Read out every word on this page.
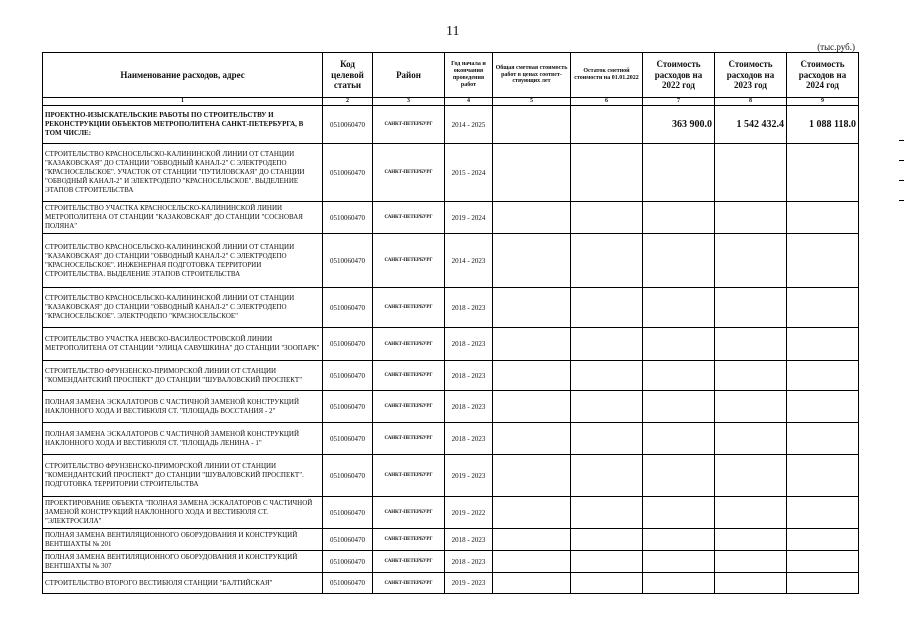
11
(тыс.руб.)
Наименование расходов, адрес	Код целевой статьи	Район	Год начала и окончания проведения работ	Общая сметная стоимость работ в ценах соответ-ствующих лет	Остаток сметной стоимости на 01.01.2022	Стоимость расходов на 2022 год	Стоимость расходов на 2023 год	Стоимость расходов на 2024 год
1	2	3	4	5	6	7	8	9
ПРОЕКТНО-ИЗЫСКАТЕЛЬСКИЕ РАБОТЫ ПО СТРОИТЕЛЬСТВУ И РЕКОНСТРУКЦИИ ОБЪЕКТОВ МЕТРОПОЛИТЕНА САНКТ-ПЕТЕРБУРГА, В ТОМ ЧИСЛЕ:	0510060470	САНКТ-ПЕТЕРБУРГ	2014 - 2025			363 900.0	1 542 432.4	1 088 118.0
СТРОИТЕЛЬСТВО КРАСНОСЕЛЬСКО-КАЛИНИНСКОЙ ЛИНИИ ОТ СТАНЦИИ "КАЗАКОВСКАЯ" ДО СТАНЦИИ "ОБВОДНЫЙ КАНАЛ-2" С ЭЛЕКТРОДЕПО "КРАСНОСЕЛЬСКОЕ". УЧАСТОК ОТ СТАНЦИИ "ПУТИЛОВСКАЯ" ДО СТАНЦИИ "ОБВОДНЫЙ КАНАЛ-2" И ЭЛЕКТРОДЕПО "КРАСНОСЕЛЬСКОЕ". ВЫДЕЛЕНИЕ ЭТАПОВ СТРОИТЕЛЬСТВА	0510060470	САНКТ-ПЕТЕРБУРГ	2015 - 2024					
СТРОИТЕЛЬСТВО УЧАСТКА КРАСНОСЕЛЬСКО-КАЛИНИНСКОЙ ЛИНИИ МЕТРОПОЛИТЕНА ОТ СТАНЦИИ "КАЗАКОВСКАЯ" ДО СТАНЦИИ "СОСНОВАЯ ПОЛЯНА"	0510060470	САНКТ-ПЕТЕРБУРГ	2019 - 2024					
СТРОИТЕЛЬСТВО КРАСНОСЕЛЬСКО-КАЛИНИНСКОЙ ЛИНИИ ОТ СТАНЦИИ "КАЗАКОВСКАЯ" ДО СТАНЦИИ "ОБВОДНЫЙ КАНАЛ-2" С ЭЛЕКТРОДЕПО "КРАСНОСЕЛЬСКОЕ". ИНЖЕНЕРНАЯ ПОДГОТОВКА ТЕРРИТОРИИ СТРОИТЕЛЬСТВА. ВЫДЕЛЕНИЕ ЭТАПОВ СТРОИТЕЛЬСТВА	0510060470	САНКТ-ПЕТЕРБУРГ	2014 - 2023					
СТРОИТЕЛЬСТВО КРАСНОСЕЛЬСКО-КАЛИНИНСКОЙ ЛИНИИ ОТ СТАНЦИИ "КАЗАКОВСКАЯ" ДО СТАНЦИИ "ОБВОДНЫЙ КАНАЛ-2" С ЭЛЕКТРОДЕПО "КРАСНОСЕЛЬСКОЕ". ЭЛЕКТРОДЕПО "КРАСНОСЕЛЬСКОЕ"	0510060470	САНКТ-ПЕТЕРБУРГ	2018 - 2023					
СТРОИТЕЛЬСТВО УЧАСТКА НЕВСКО-ВАСИЛЕОСТРОВСКОЙ ЛИНИИ МЕТРОПОЛИТЕНА ОТ СТАНЦИИ "УЛИЦА САВУШКИНА" ДО СТАНЦИИ "ЗООПАРК"	0510060470	САНКТ-ПЕТЕРБУРГ	2018 - 2023					
СТРОИТЕЛЬСТВО ФРУНЗЕНСКО-ПРИМОРСКОЙ ЛИНИИ ОТ СТАНЦИИ "КОМЕНДАНТСКИЙ ПРОСПЕКТ" ДО СТАНЦИИ "ШУВАЛОВСКИЙ ПРОСПЕКТ"	0510060470	САНКТ-ПЕТЕРБУРГ	2018 - 2023					
ПОЛНАЯ ЗАМЕНА ЭСКАЛАТОРОВ С ЧАСТИЧНОЙ ЗАМЕНОЙ КОНСТРУКЦИЙ НАКЛОННОГО ХОДА И ВЕСТИБЮЛЯ СТ. "ПЛОЩАДЬ ВОССТАНИЯ - 2"	0510060470	САНКТ-ПЕТЕРБУРГ	2018 - 2023					
ПОЛНАЯ ЗАМЕНА ЭСКАЛАТОРОВ С ЧАСТИЧНОЙ ЗАМЕНОЙ КОНСТРУКЦИЙ НАКЛОННОГО ХОДА И ВЕСТИБЮЛЯ СТ. "ПЛОЩАДЬ ЛЕНИНА - 1"	0510060470	САНКТ-ПЕТЕРБУРГ	2018 - 2023					
СТРОИТЕЛЬСТВО ФРУНЗЕНСКО-ПРИМОРСКОЙ ЛИНИИ ОТ СТАНЦИИ "КОМЕНДАНТСКИЙ ПРОСПЕКТ" ДО СТАНЦИИ "ШУВАЛОВСКИЙ ПРОСПЕКТ". ПОДГОТОВКА ТЕРРИТОРИИ СТРОИТЕЛЬСТВА	0510060470	САНКТ-ПЕТЕРБУРГ	2019 - 2023					
ПРОЕКТИРОВАНИЕ ОБЪЕКТА "ПОЛНАЯ ЗАМЕНА ЭСКАЛАТОРОВ С ЧАСТИЧНОЙ ЗАМЕНОЙ КОНСТРУКЦИЙ НАКЛОННОГО ХОДА И ВЕСТИБЮЛЯ СТ. "ЭЛЕКТРОСИЛА"	0510060470	САНКТ-ПЕТЕРБУРГ	2019 - 2022					
ПОЛНАЯ ЗАМЕНА ВЕНТИЛЯЦИОННОГО ОБОРУДОВАНИЯ И КОНСТРУКЦИЙ ВЕНТШАХТЫ № 201	0510060470	САНКТ-ПЕТЕРБУРГ	2018 - 2023					
ПОЛНАЯ ЗАМЕНА ВЕНТИЛЯЦИОННОГО ОБОРУДОВАНИЯ И КОНСТРУКЦИЙ ВЕНТШАХТЫ № 307	0510060470	САНКТ-ПЕТЕРБУРГ	2018 - 2023					
СТРОИТЕЛЬСТВО ВТОРОГО ВЕСТИБЮЛЯ СТАНЦИИ "БАЛТИЙСКАЯ"	0510060470	САНКТ-ПЕТЕРБУРГ	2019 - 2023					
